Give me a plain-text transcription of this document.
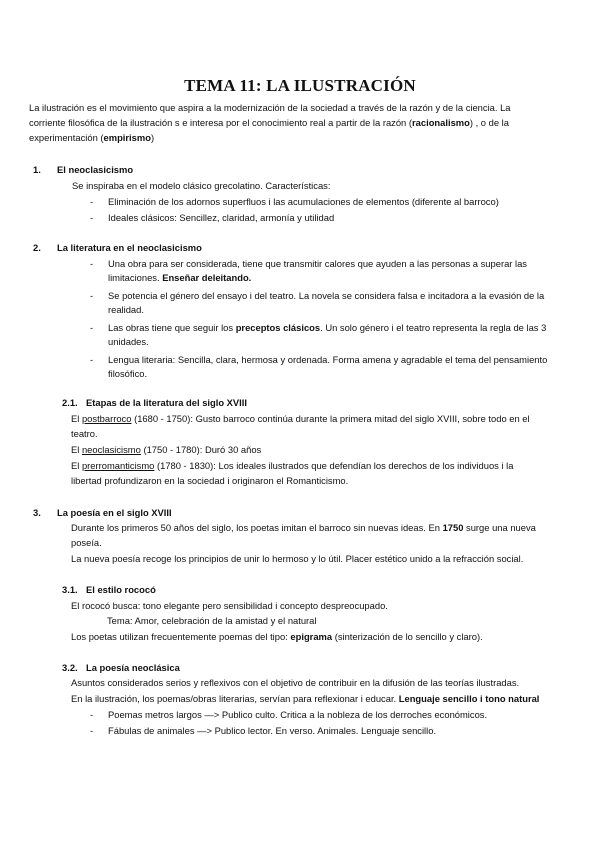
TEMA 11: LA ILUSTRACIÓN
La ilustración es el movimiento que aspira a la modernización de la sociedad a través de la razón y de la ciencia. La
corriente filosófica de la ilustración s e interesa por el conocimiento real a partir de la razón (racionalismo) , o de la
experimentación (empirismo)
1. El neoclasicismo
Se inspiraba en el modelo clásico grecolatino. Características:
- Eliminación de los adornos superfluos i las acumulaciones de elementos (diferente al barroco)
- Ideales clásicos: Sencillez, claridad, armonía y utilidad
2. La literatura en el neoclasicismo
- Una obra para ser considerada, tiene que transmitir calores que ayuden a las personas a superar las
limitaciones. Enseñar deleitando.
- Se potencia el género del ensayo i del teatro. La novela se considera falsa e incitadora a la evasión de la
realidad.
- Las obras tiene que seguir los preceptos clásicos. Un solo género i el teatro representa la regla de las 3
unidades.
- Lengua literaria: Sencilla, clara, hermosa y ordenada. Forma amena y agradable el tema del pensamiento
filosófico.
2.1. Etapas de la literatura del siglo XVIII
El postbarroco (1680 - 1750): Gusto barroco continúa durante la primera mitad del siglo XVIII, sobre todo en el
teatro.
El neoclasicismo (1750 - 1780): Duró 30 años
El prerromanticismo (1780 - 1830): Los ideales ilustrados que defendían los derechos de los individuos i la
libertad profundizaron en la sociedad i originaron el Romanticismo.
3. La poesía en el siglo XVIII
Durante los primeros 50 años del siglo, los poetas imitan el barroco sin nuevas ideas. En 1750 surge una nueva
poseía.
La nueva poesía recoge los principios de unir lo hermoso y lo útil. Placer estético unido a la refracción social.
3.1. El estilo rococó
El rococó busca: tono elegante pero sensibilidad i concepto despreocupado.
Tema: Amor, celebración de la amistad y el natural
Los poetas utilizan frecuentemente poemas del tipo: epigrama (sinterización de lo sencillo y claro).
3.2. La poesía neoclásica
Asuntos considerados serios y reflexivos con el objetivo de contribuir en la difusión de las teorías ilustradas.
En la ilustración, los poemas/obras literarias, servían para reflexionar i educar. Lenguaje sencillo i tono natural
- Poemas metros largos —> Publico culto. Critica a la nobleza de los derroches económicos.
- Fábulas de animales —> Publico lector. En verso. Animales. Lenguaje sencillo.
